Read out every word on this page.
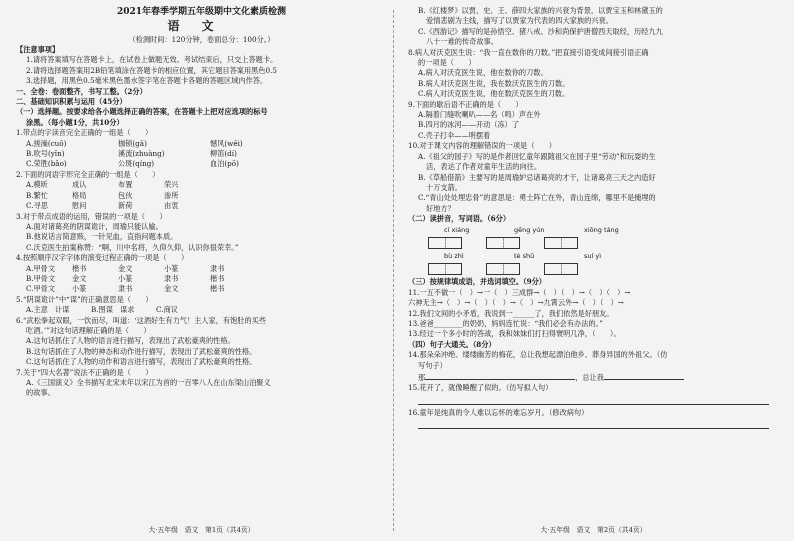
2021年春季学期五年级期中文化素质检测
语文
（检测时间：120分钟，卷面总分：100分。）
【注意事项】
1.请将答案填写在答题卡上，在试卷上做题无效。考试结束后，只交上答题卡。
2.请将选择题答案用2B铅笔填涂在答题卡的相应位置，其它题目答案用黑色0.5
3.选择题，用黑色0.5毫米黑色墨水签字笔在答题卡各题的答题区域内作答。
一、全卷：卷面整齐，书写工整。（2分）
二、基础知识积累与运用（45分）
（一）选择题。按要求给各小题选择正确的答案，在答题卡上把对应选项的标号
涂黑。（每小题1分，共10分）
1.带点的字读音完全正确的一组是（　　）
A.搓澡(cuō)	枷锁(gā)	憾风(wēi)
B.吹号(yǐn)	溪流(zhuàng)	柳笛(dí)
C.荣胜(bǎo)	公斑(qíng)	血泊(pō)
2.下面的词语字形完全正确的一组是（　　）
A.模昕	成认	布置	荣兴
B.繁忙	格局	包伙	渗所
C.寻思	慰问	新荷	由衷
3.对于带点成语的运用，错误的一项是（　　）
A.面对诸葛亮的阴谋诡计，周瑜只能认输。
B.他说话言简意赅，一针见血，直指问题本质。
C.沃克医生拍案称赞：“啊，川中名将，久仰久仰，认识你很荣幸。”
4.按照顺序汉字字体的演变过程正确的一项是（　　）
A.甲骨文	楷书	金文	小篆	隶书
B.甲骨文	金文	小篆	隶书	楷书
C.甲骨文	小篆	隶书	金文	楷书
5.“阴谋诡计”中“谋”的正确意思是（　　）
A.主意　计谋　　　B.图谋　谋求　　　C.商议
6.“武松拳起双眼，一饮而尽，叫道：‘这酒好生有力气！主人家，有饱肚的买些
吃酒。’”对这句话理解正确的是（　　）
A.这句话抓住了人物的语言进行描写，表现出了武松豪爽的性格。
B.这句话抓住了人物的神态和动作进行描写，表现出了武松豪爽的性格。
C.这句话抓住了人物的动作和语言进行描写，表现出了武松豪爽的性格。
7.关于“四大名著”说法不正确的是（　　）
A.《三国演义》全书描写北宋末年以宋江为首的一百零八人在山东梁山泊聚义
的故事。
大·五年级　语文　第1页（共4页）
B.《红楼梦》以贾、史、王、薛四大家族的兴衰为背景，以贾宝玉和林黛玉的
爱情悲剧为主线，描写了以贾家为代表的四大家族的兴衰。
C.《西游记》描写的是孙悟空、猪八戒、沙和尚保护唐僧西天取经，历经九九
八十一难的传奇故事。
8.病人对沃克医生说：“我一直在数你的刀数。”把直接引语变成间接引语正确
的一项是（　　）
A.病人对沃克医生说，他在数你的刀数。
B.病人对沃克医生说，我在数沃克医生的刀数。
C.病人对沃克医生说，他在数沃克医生的刀数。
9.下面的歇后语不正确的是（　　）
A.隔着门缝吹喇叭——名（鸣）声在外
B.四月的冰河——开动（冻）了
C.壳子打伞——明摆着
10.对于课文内容的理解错误的一项是（　　）
A.《祖父的园子》写的是作者回忆童年跟随祖父在园子里“劳动”和玩耍的生
活，表达了作者对童年生活的向往。
B.《草船借箭》主要写的是周瑜妒忌诸葛亮的才干，让诸葛亮三天之内造好
十万支箭。
C.“青山处处埋忠骨”的意思是：勇士阵亡在外，青山连绵，哪里不是掩埋的
好地方？
（二）读拼音，写词语。（6分）
cí xiáng	gēng yún	xiōng táng
bù zhì	tè shū	suí yì
（三）按规律填成语，并选词填空。（9分）
11.一五不做一（　）→一（　）三成群→（　）（　）→（　）（　）→
六神无主→（　）→（　）（　）→（　）→九霄云外→（　）（　）→
12.我们文间的小矛盾，我说到一______了，我们依然是好朋友。
13.爸爸________的奶奶，妈妈连忙说：“我们必会有办法的。”
13.经过一个多小时的答战，我和妹妹们打扫得寰明几净，（　　）。
（四）句子大通关。（8分）
14.那朵朵冲绝、缕缕幽芳的梅花，总让我想起漂泊他乡、葬身异国的外祖父。（仿
写句子）
那	，总让我
15.花开了，就像睡醒了似的。（仿写拟人句）
16.童年是纯真的令人难以忘怀的难忘岁月。（修改病句）
大·五年级　语文　第2页（共4页）
